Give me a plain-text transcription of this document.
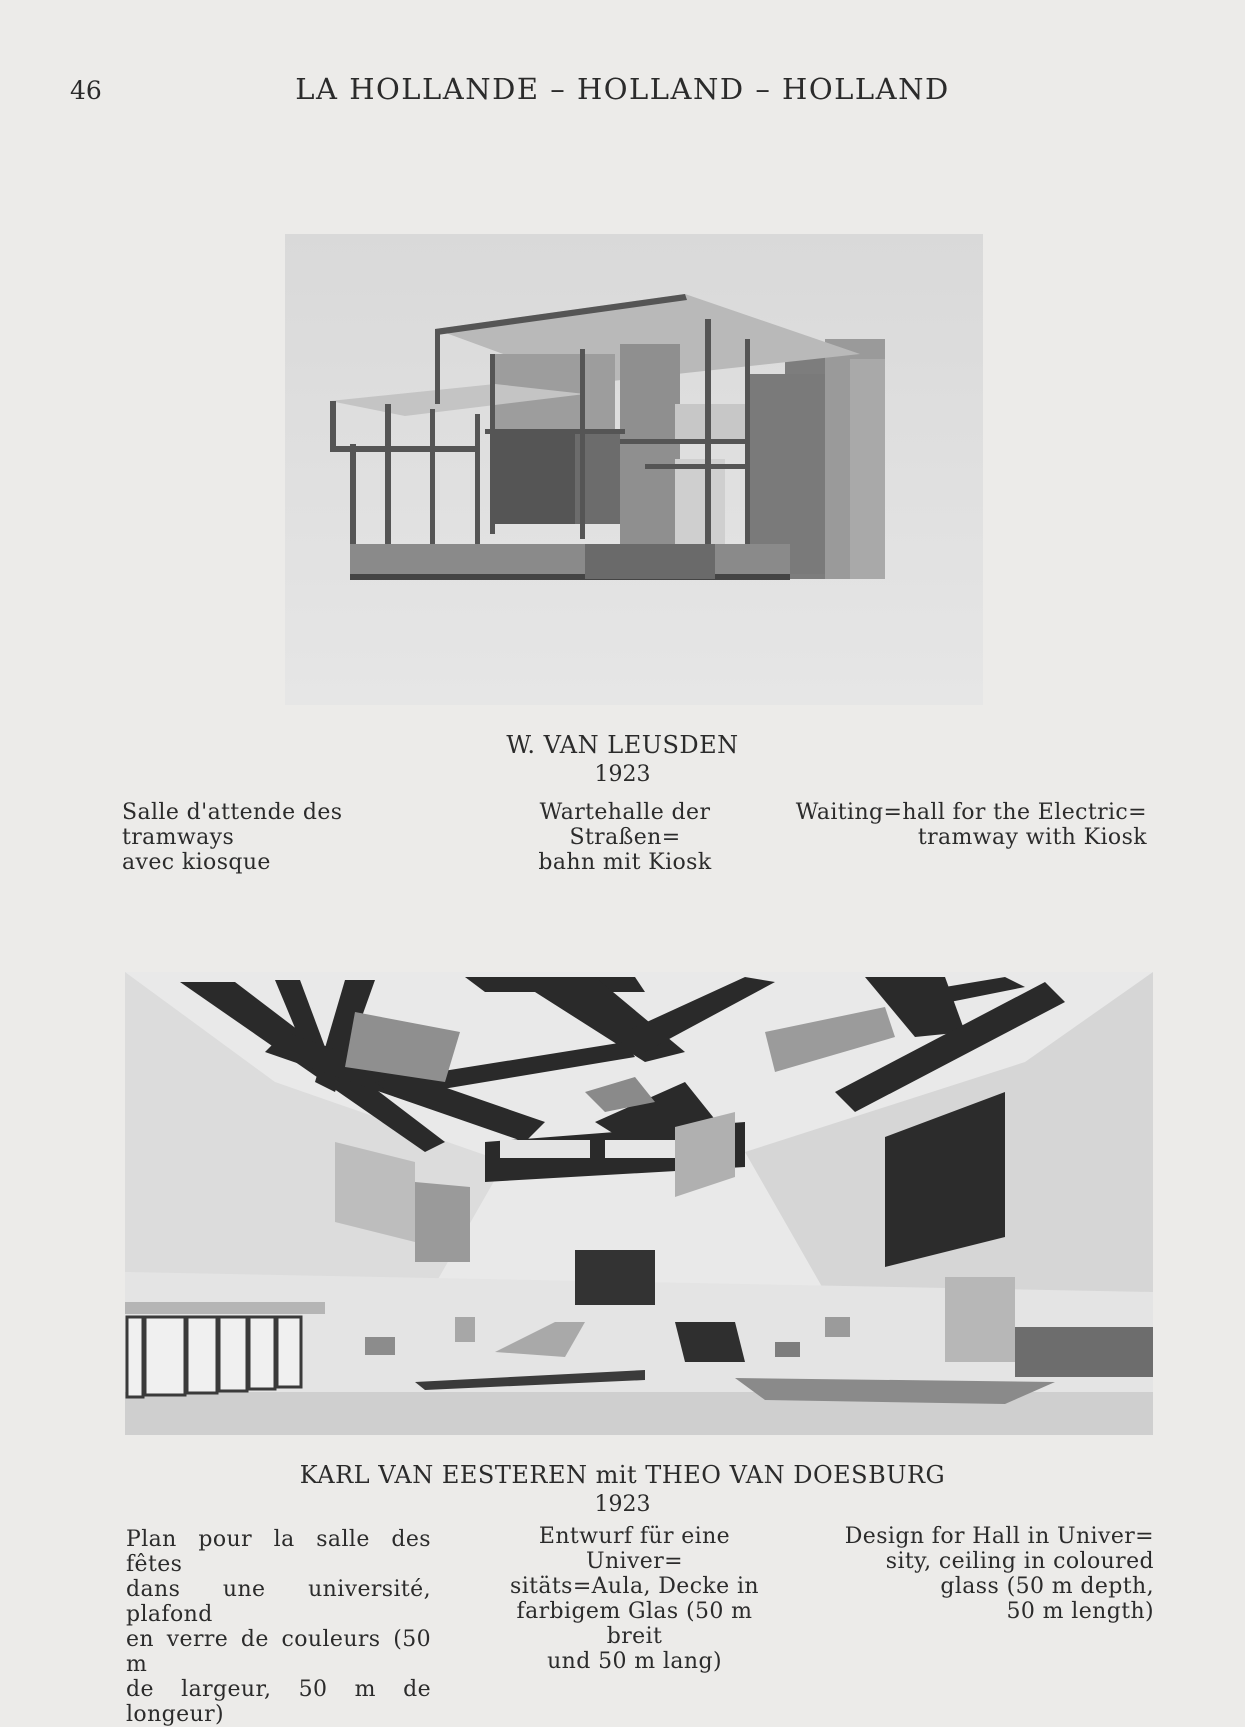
46	LA HOLLANDE – HOLLAND – HOLLAND
W. VAN LEUSDEN
1923
Salle d'attende des tramways
avec kiosque
Wartehalle der Straßen=
bahn mit Kiosk
Waiting=hall for the Electric=
tramway with Kiosk
KARL VAN EESTEREN mit THEO VAN DOESBURG
1923
Plan pour la salle des fêtes
dans une université, plafond
en verre de couleurs (50 m
de largeur, 50 m de longeur)
Entwurf für eine Univer=
sitäts=Aula, Decke in
farbigem Glas (50 m breit
und 50 m lang)
Design for Hall in Univer=
sity, ceiling in coloured
glass (50 m depth,
50 m length)
